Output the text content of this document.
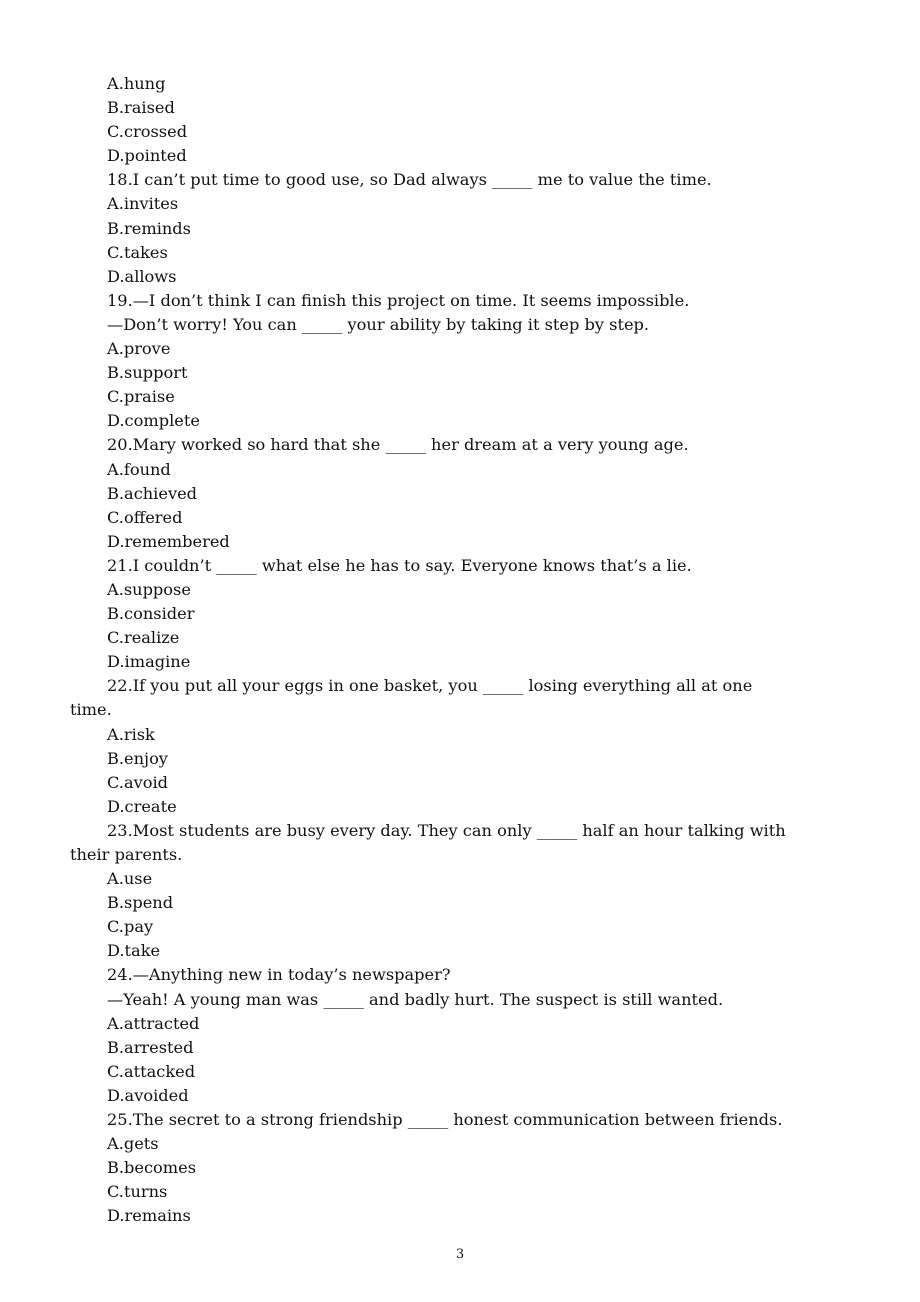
A.hung
B.raised
C.crossed
D.pointed
18.I can’t put time to good use, so Dad always _____ me to value the time.
A.invites
B.reminds
C.takes
D.allows
19.—I don’t think I can finish this project on time. It seems impossible.
—Don’t worry! You can _____ your ability by taking it step by step.
A.prove
B.support
C.praise
D.complete
20.Mary worked so hard that she _____ her dream at a very young age.
A.found
B.achieved
C.offered
D.remembered
21.I couldn’t _____ what else he has to say. Everyone knows that’s a lie.
A.suppose
B.consider
C.realize
D.imagine
22.If you put all your eggs in one basket, you _____ losing everything all at one
time.
A.risk
B.enjoy
C.avoid
D.create
23.Most students are busy every day. They can only _____ half an hour talking with
their parents.
A.use
B.spend
C.pay
D.take
24.—Anything new in today’s newspaper?
—Yeah! A young man was _____ and badly hurt. The suspect is still wanted.
A.attracted
B.arrested
C.attacked
D.avoided
25.The secret to a strong friendship _____ honest communication between friends.
A.gets
B.becomes
C.turns
D.remains
3
